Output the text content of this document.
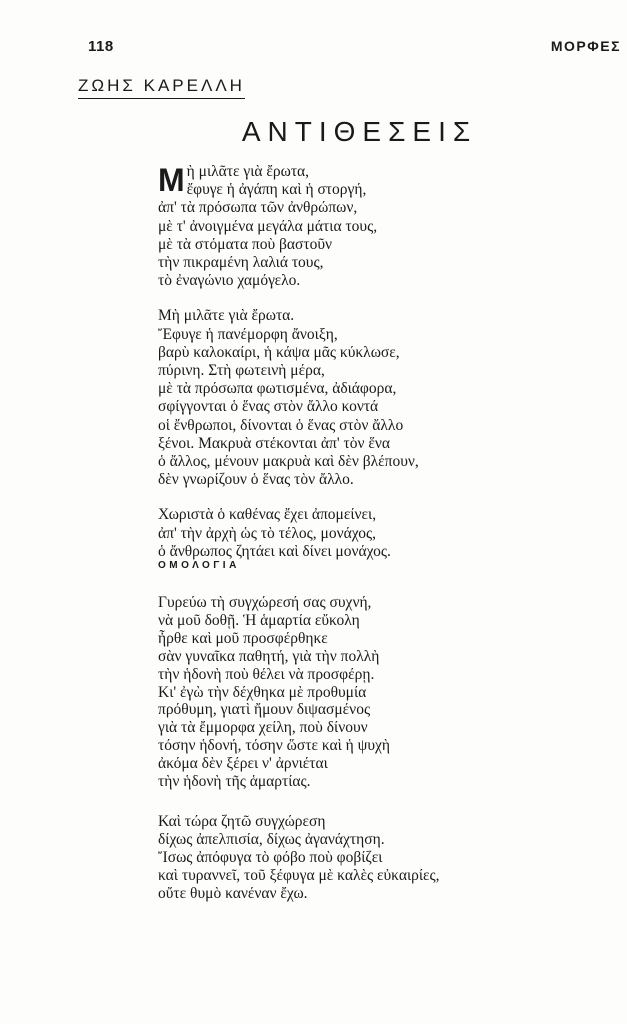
118	ΜΟΡΦΕΣ
ΖΩΗΣ ΚΑΡΕΛΛΗ
ΑΝΤΙΘΕΣΕΙΣ
Μ ὴ μιλᾶτε γιὰ ἔρωτα,
ἔφυγε ἡ ἀγάπη καὶ ἡ στοργή,
ἀπ' τὰ πρόσωπα τῶν ἀνθρώπων,
μὲ τ' ἀνοιγμένα μεγάλα μάτια τους,
μὲ τὰ στόματα ποὺ βαστοῦν
τὴν πικραμένη λαλιά τους,
τὸ ἐναγώνιο χαμόγελο.
Μὴ μιλᾶτε γιὰ ἔρωτα.
Ἔφυγε ἡ πανέμορφη ἄνοιξη,
βαρὺ καλοκαίρι, ἡ κάψα μᾶς κύκλωσε,
πύρινη. Στὴ φωτεινὴ μέρα,
μὲ τὰ πρόσωπα φωτισμένα, ἀδιάφορα,
σφίγγονται ὁ ἕνας στὸν ἄλλο κοντά
οἱ ἔνθρωποι, δίνονται ὁ ἕνας στὸν ἄλλο
ξένοι. Μακρυὰ στέκονται ἀπ' τὸν ἕνα
ὁ ἄλλος, μένουν μακρυὰ καὶ δὲν βλέπουν,
δὲν γνωρίζουν ὁ ἕνας τὸν ἄλλο.
Χωριστὰ ὁ καθένας ἔχει ἀπομείνει,
ἀπ' τὴν ἀρχὴ ὡς τὸ τέλος, μονάχος,
ὁ ἄνθρωπος ζητάει καὶ δίνει μονάχος.
ΟΜΟΛΟΓΙΑ
Γυρεύω τὴ συγχώρεσή σας συχνή,
νὰ μοῦ δοθῇ. Ἡ ἁμαρτία εὔκολη
ἦρθε καὶ μοῦ προσφέρθηκε
σὰν γυναῖκα παθητή, γιὰ τὴν πολλὴ
τὴν ἡδονὴ ποὺ θέλει νὰ προσφέρῃ.
Κι' ἐγὼ τὴν δέχθηκα μὲ προθυμία
πρόθυμη, γιατὶ ἤμουν διψασμένος
γιὰ τὰ ἔμμορφα χείλη, ποὺ δίνουν
τόσην ἡδονή, τόσην ὥστε καὶ ἡ ψυχὴ
ἀκόμα δὲν ξέρει ν' ἀρνιέται
τὴν ἡδονὴ τῆς ἁμαρτίας.
Καὶ τώρα ζητῶ συγχώρεση
δίχως ἀπελπισία, δίχως ἀγανάχτηση.
Ἴσως ἀπόφυγα τὸ φόβο ποὺ φοβίζει
καὶ τυραννεῖ, τοῦ ξέφυγα μὲ καλὲς εὐκαιρίες,
οὔτε θυμὸ κανέναν ἔχω.
